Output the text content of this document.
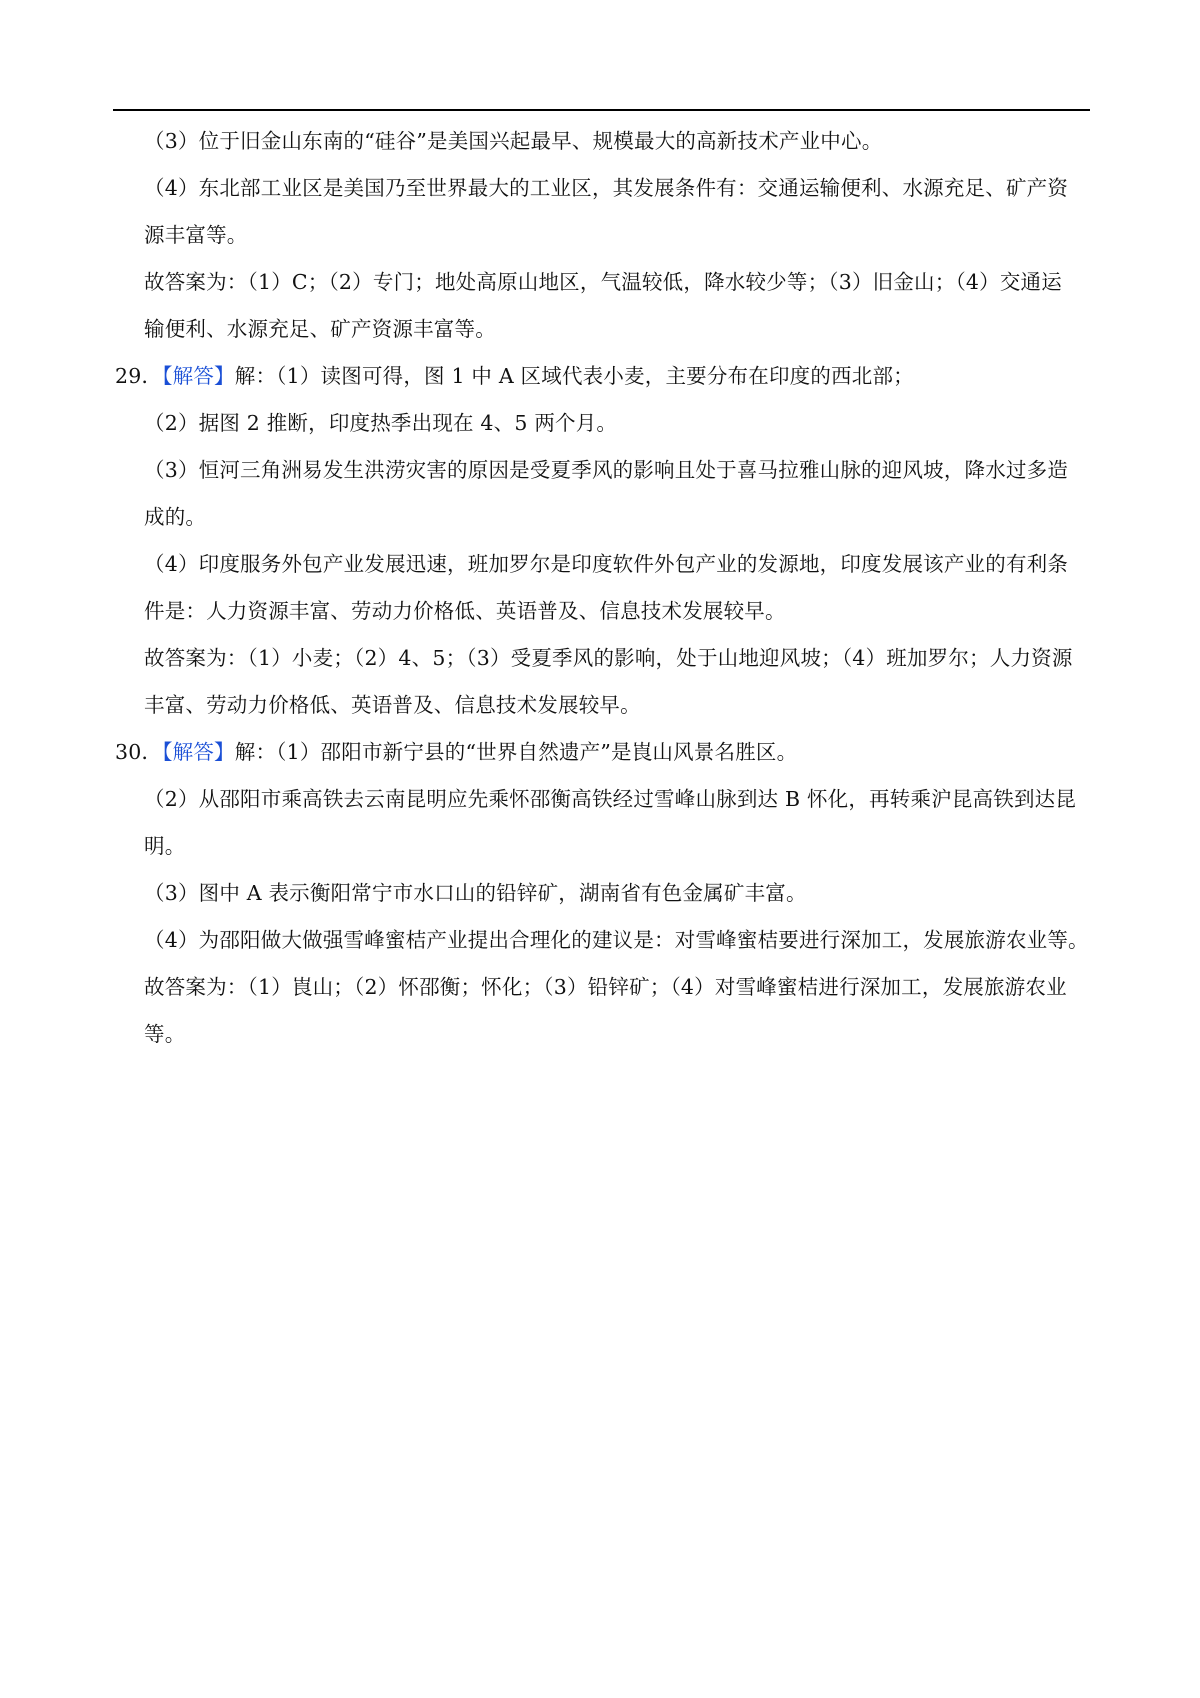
（3）位于旧金山东南的“硅谷”是美国兴起最早、规模最大的高新技术产业中心。
（4）东北部工业区是美国乃至世界最大的工业区，其发展条件有：交通运输便利、水源充足、矿产资
源丰富等。
故答案为：（1）C；（2）专门；地处高原山地区，气温较低，降水较少等；（3）旧金山；（4）交通运
输便利、水源充足、矿产资源丰富等。
29．【解答】解：（1）读图可得，图 1 中 A 区域代表小麦，主要分布在印度的西北部；
（2）据图 2 推断，印度热季出现在 4、5 两个月。
（3）恒河三角洲易发生洪涝灾害的原因是受夏季风的影响且处于喜马拉雅山脉的迎风坡，降水过多造
成的。
（4）印度服务外包产业发展迅速，班加罗尔是印度软件外包产业的发源地，印度发展该产业的有利条
件是：人力资源丰富、劳动力价格低、英语普及、信息技术发展较早。
故答案为：（1）小麦；（2）4、5；（3）受夏季风的影响，处于山地迎风坡；（4）班加罗尔；人力资源
丰富、劳动力价格低、英语普及、信息技术发展较早。
30．【解答】解：（1）邵阳市新宁县的“世界自然遗产”是崀山风景名胜区。
（2）从邵阳市乘高铁去云南昆明应先乘怀邵衡高铁经过雪峰山脉到达 B 怀化，再转乘沪昆高铁到达昆
明。
（3）图中 A 表示衡阳常宁市水口山的铅锌矿，湖南省有色金属矿丰富。
（4）为邵阳做大做强雪峰蜜桔产业提出合理化的建议是：对雪峰蜜桔要进行深加工，发展旅游农业等。
故答案为：（1）崀山；（2）怀邵衡；怀化；（3）铅锌矿；（4）对雪峰蜜桔进行深加工，发展旅游农业
等。
